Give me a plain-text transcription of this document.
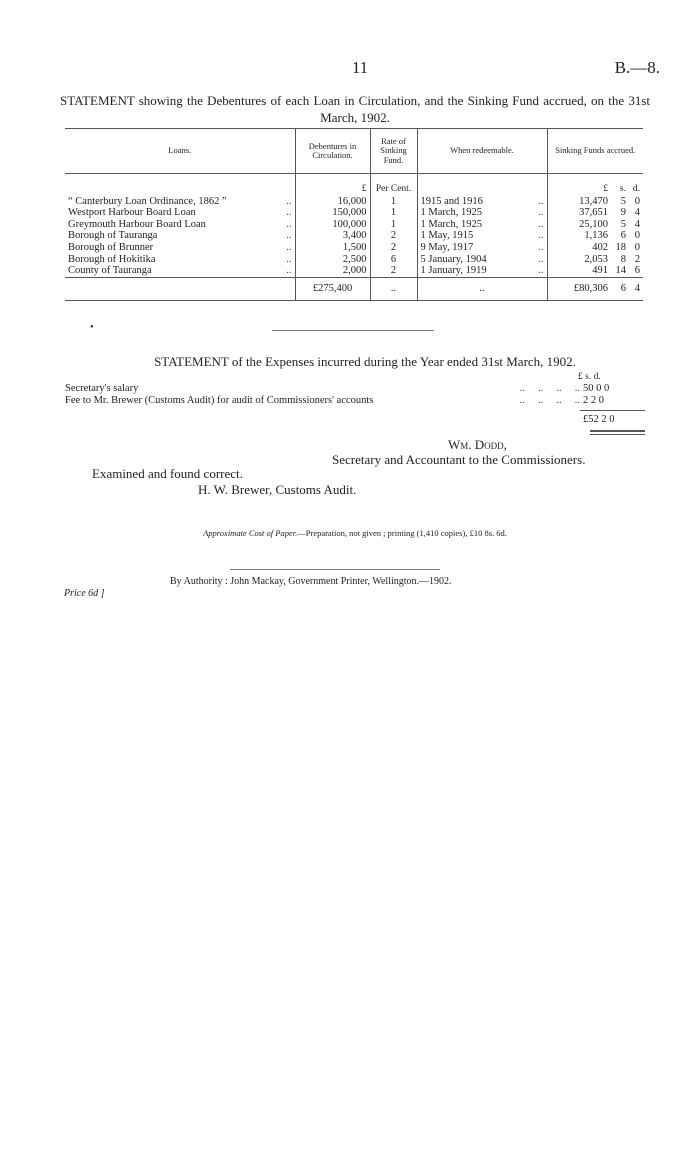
11	B.—8.
STATEMENT showing the Debentures of each Loan in Circulation, and the Sinking Fund accrued, on the 31st March, 1902.
Loans.		Debentures in Circulation.	Rate of Sinking Fund.	When redeemable.		Sinking Funds accrued.
		£	Per Cent.			£ s. d.
“ Canterbury Loan Ordinance, 1862 ”	..	16,000	1	1915 and 1916	..	13,470 5 0
Westport Harbour Board Loan	..	150,000	1	1 March, 1925	..	37,651 9 4
Greymouth Harbour Board Loan	..	100,000	1	1 March, 1925	..	25,100 5 4
Borough of Tauranga	..	3,400	2	1 May, 1915	..	1,136 6 0
Borough of Brunner	..	1,500	2	9 May, 1917	..	402 18 0
Borough of Hokitika	..	2,500	6	5 January, 1904	..	2,053 8 2
County of Tauranga	..	2,000	2	1 January, 1919	..	491 14 6
		£275,400	..	..		£80,306 6 4
•
STATEMENT of the Expenses incurred during the Year ended 31st March, 1902.
£ s. d.
..     ..     ..     ..
Secretary's salary	50 0 0
..     ..     ..     ..
Fee to Mr. Brewer (Customs Audit) for audit of Commissioners' accounts	2 2 0
£52 2 0
Wm. Dodd,
Secretary and Accountant to the Commissioners.
Examined and found correct.
H. W. Brewer, Customs Audit.
Approximate Cost of Paper.—Preparation, not given ; printing (1,410 copies), £10 8s. 6d.
By Authority : John Mackay, Government Printer, Wellington.—1902.
Price 6d ]
